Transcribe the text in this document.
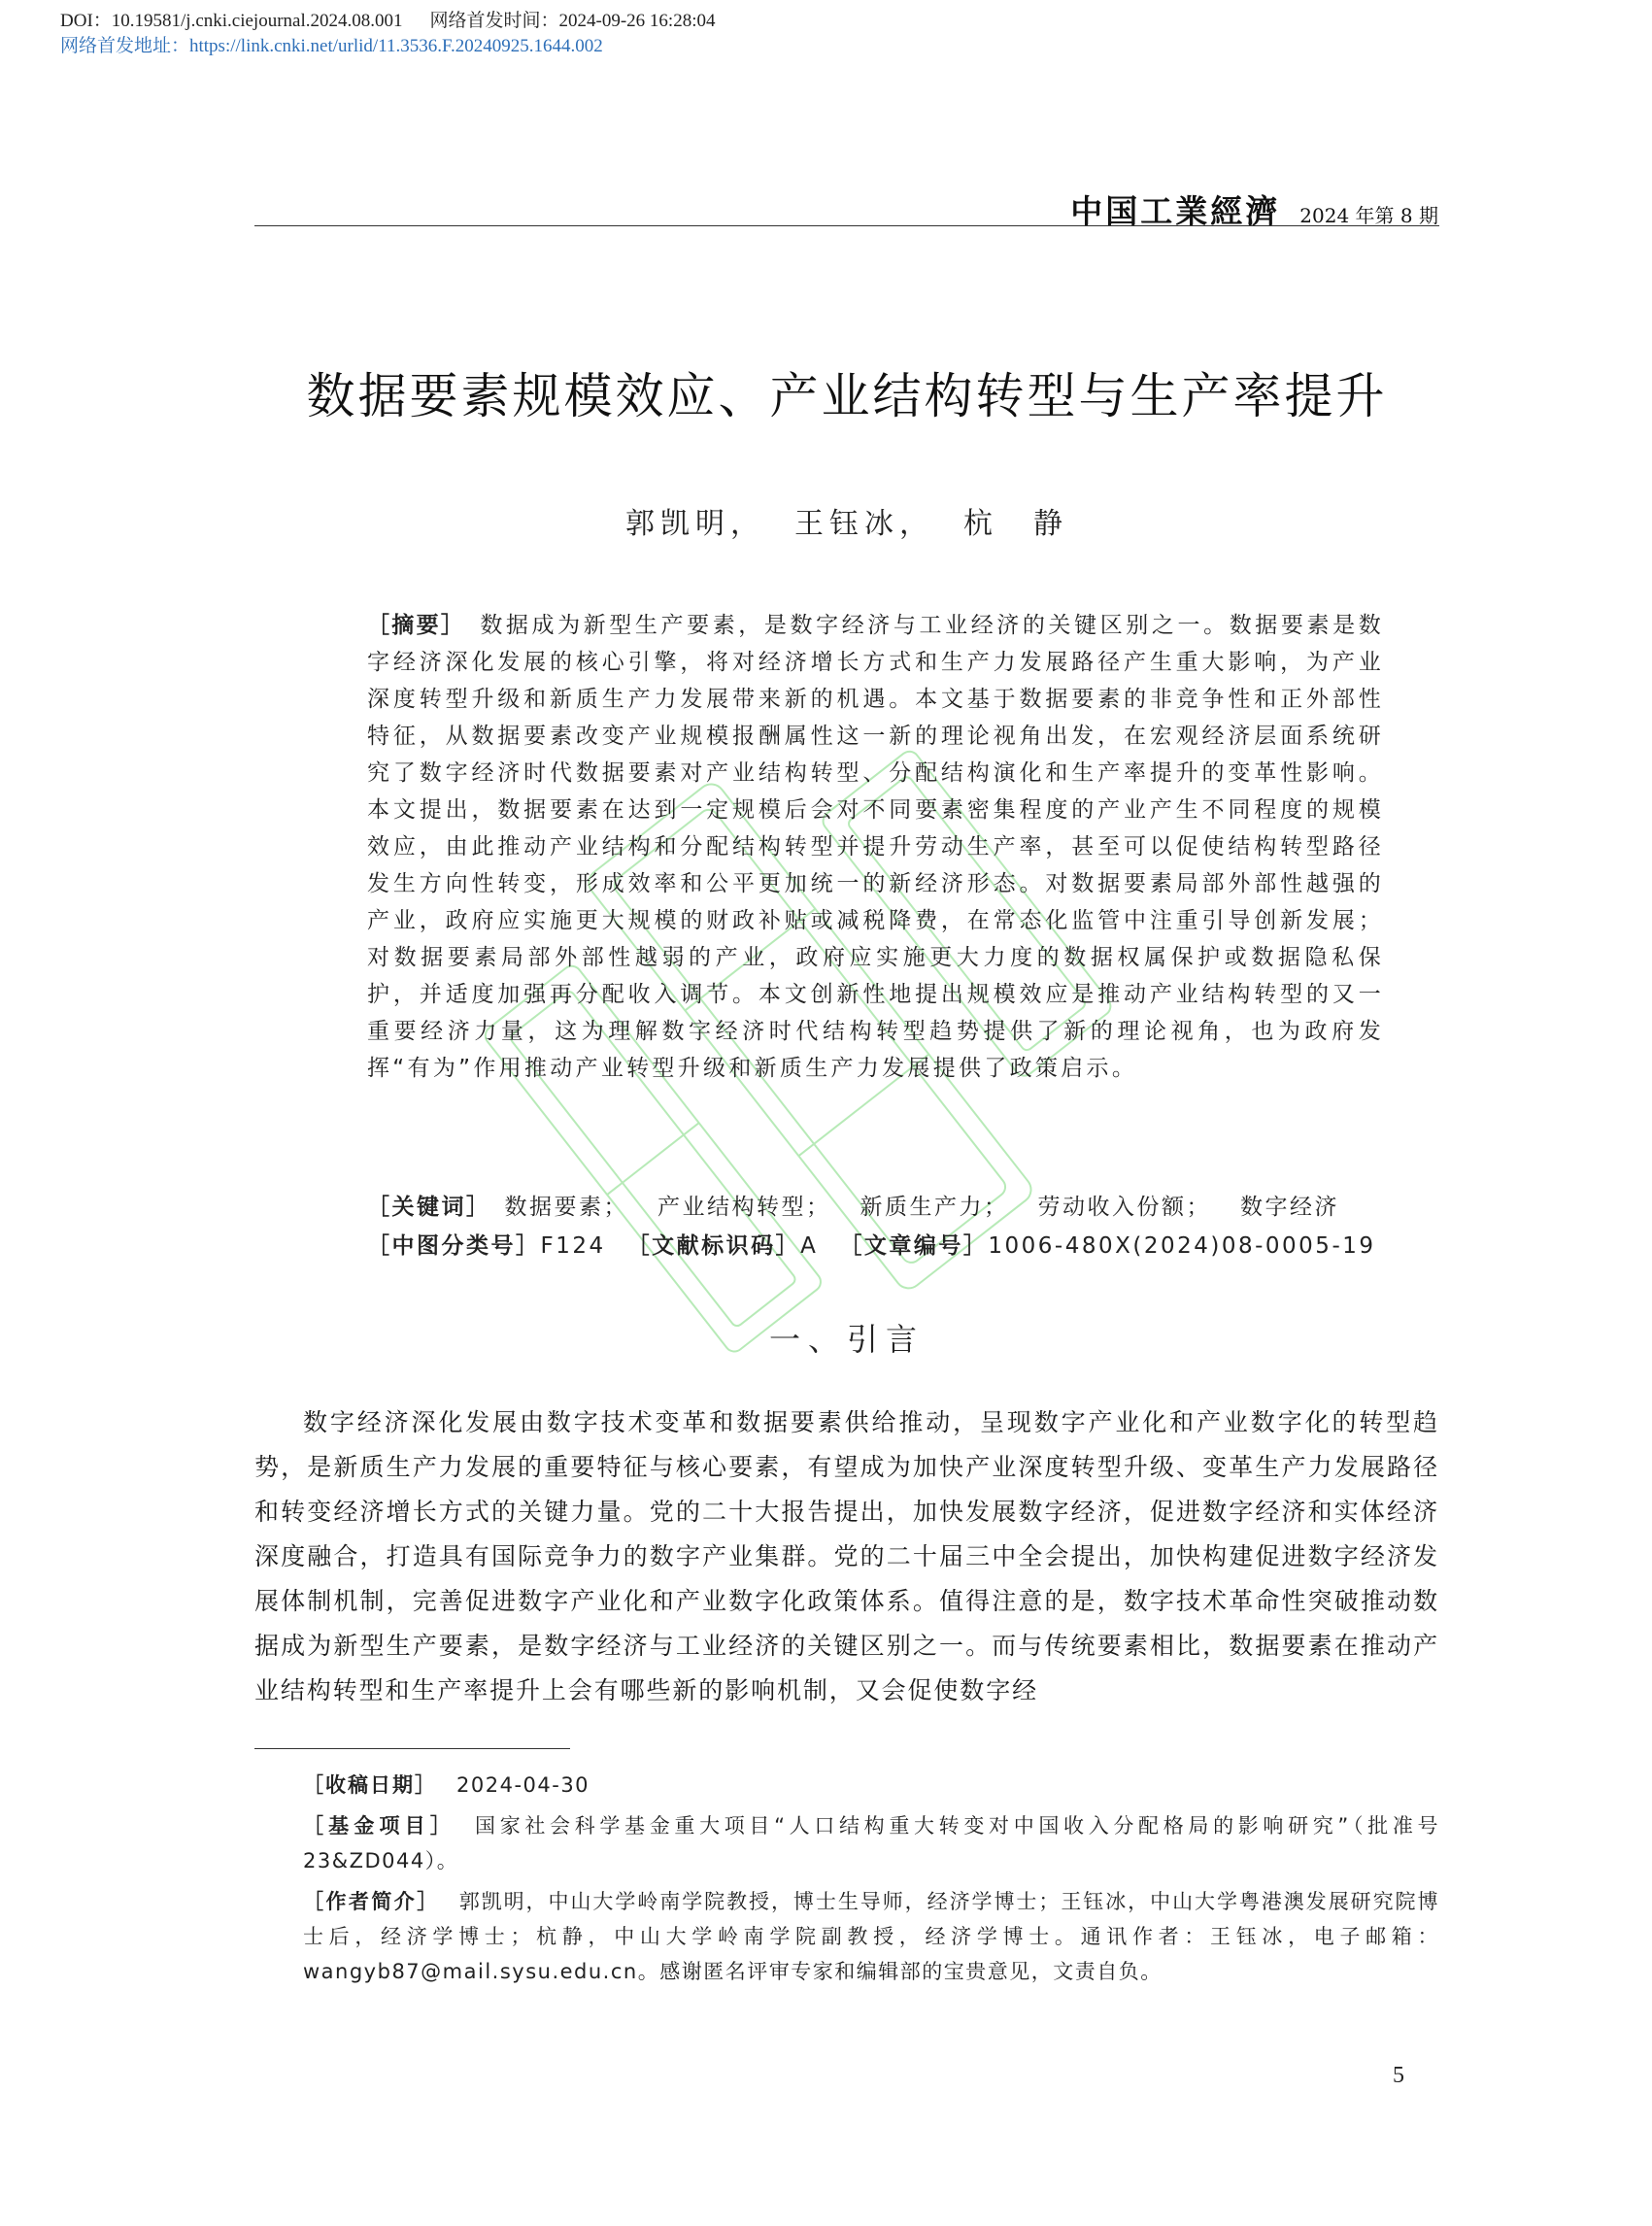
DOI：10.19581/j.cnki.ciejournal.2024.08.001 网络首发时间：2024-09-26 16:28:04
网络首发地址：https://link.cnki.net/urlid/11.3536.F.20240925.1644.002
中国工業經濟 2024 年第 8 期
数据要素规模效应、产业结构转型与生产率提升
郭凯明， 王钰冰， 杭　静
［摘要］　 数据成为新型生产要素，是数字经济与工业经济的关键区别之一。数据要素是数字经济深化发展的核心引擎，将对经济增长方式和生产力发展路径产生重大影响，为产业深度转型升级和新质生产力发展带来新的机遇。本文基于数据要素的非竞争性和正外部性特征，从数据要素改变产业规模报酬属性这一新的理论视角出发，在宏观经济层面系统研究了数字经济时代数据要素对产业结构转型、分配结构演化和生产率提升的变革性影响。本文提出，数据要素在达到一定规模后会对不同要素密集程度的产业产生不同程度的规模效应，由此推动产业结构和分配结构转型并提升劳动生产率，甚至可以促使结构转型路径发生方向性转变，形成效率和公平更加统一的新经济形态。对数据要素局部外部性越强的产业，政府应实施更大规模的财政补贴或减税降费，在常态化监管中注重引导创新发展；对数据要素局部外部性越弱的产业，政府应实施更大力度的数据权属保护或数据隐私保护，并适度加强再分配收入调节。本文创新性地提出规模效应是推动产业结构转型的又一重要经济力量，这为理解数字经济时代结构转型趋势提供了新的理论视角，也为政府发挥“有为”作用推动产业转型升级和新质生产力发展提供了政策启示。
［关键词］　 数据要素； 产业结构转型； 新质生产力； 劳动收入份额； 数字经济
［中图分类号］F124 ［文献标识码］A ［文章编号］1006-480X(2024)08-0005-19
一、引言
数字经济深化发展由数字技术变革和数据要素供给推动，呈现数字产业化和产业数字化的转型趋势，是新质生产力发展的重要特征与核心要素，有望成为加快产业深度转型升级、变革生产力发展路径和转变经济增长方式的关键力量。党的二十大报告提出，加快发展数字经济，促进数字经济和实体经济深度融合，打造具有国际竞争力的数字产业集群。党的二十届三中全会提出，加快构建促进数字经济发展体制机制，完善促进数字产业化和产业数字化政策体系。值得注意的是，数字技术革命性突破推动数据成为新型生产要素，是数字经济与工业经济的关键区别之一。而与传统要素相比，数据要素在推动产业结构转型和生产率提升上会有哪些新的影响机制，又会促使数字经
［收稿日期］ 2024-04-30
［基金项目］ 国家社会科学基金重大项目“人口结构重大转变对中国收入分配格局的影响研究”（批准号23&ZD044）。
［作者简介］ 郭凯明，中山大学岭南学院教授，博士生导师，经济学博士；王钰冰，中山大学粤港澳发展研究院博士后，经济学博士；杭静，中山大学岭南学院副教授，经济学博士。通讯作者：王钰冰，电子邮箱：wangyb87@mail.sysu.edu.cn。感谢匿名评审专家和编辑部的宝贵意见，文责自负。
5
